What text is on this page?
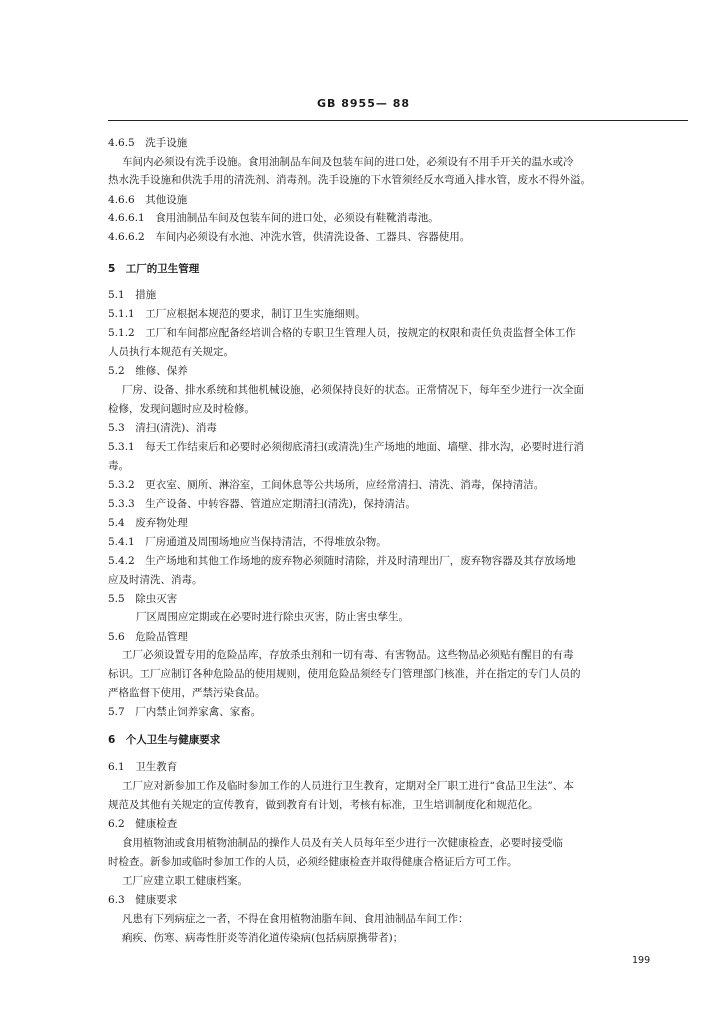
GB 8955— 88
4.6.5　洗手设施
车间内必须设有洗手设施。食用油制品车间及包装车间的进口处，必须设有不用手开关的温水或冷
热水洗手设施和供洗手用的清洗剂、消毒剂。洗手设施的下水管须经反水弯通入排水管，废水不得外溢。
4.6.6　其他设施
4.6.6.1　食用油制品车间及包装车间的进口处，必须设有鞋靴消毒池。
4.6.6.2　车间内必须设有水池、冲洗水管，供清洗设备、工器具、容器使用。
5　工厂的卫生管理
5.1　措施
5.1.1　工厂应根据本规范的要求，制订卫生实施细则。
5.1.2　工厂和车间都应配备经培训合格的专职卫生管理人员，按规定的权限和责任负责监督全体工作
人员执行本规范有关规定。
5.2　维修、保养
厂房、设备、排水系统和其他机械设施，必须保持良好的状态。正常情况下，每年至少进行一次全面
检修，发现问题时应及时检修。
5.3　清扫(清洗)、消毒
5.3.1　每天工作结束后和必要时必须彻底清扫(或清洗)生产场地的地面、墙壁、排水沟，必要时进行消
毒。
5.3.2　更衣室、厕所、淋浴室，工间休息等公共场所，应经常清扫、清洗、消毒，保持清洁。
5.3.3　生产设备、中转容器、管道应定期清扫(清洗)，保持清洁。
5.4　废弃物处理
5.4.1　厂房通道及周围场地应当保持清洁，不得堆放杂物。
5.4.2　生产场地和其他工作场地的废弃物必须随时清除，并及时清理出厂，废弃物容器及其存放场地
应及时清洗、消毒。
5.5　除虫灭害
厂区周围应定期或在必要时进行除虫灭害，防止害虫孳生。
5.6　危险品管理
工厂必须设置专用的危险品库，存放杀虫剂和一切有毒、有害物品。这些物品必须贴有醒目的有毒
标识。工厂应制订各种危险品的使用规则，使用危险品须经专门管理部门核准，并在指定的专门人员的
严格监督下使用，严禁污染食品。
5.7　厂内禁止饲养家禽、家畜。
6　个人卫生与健康要求
6.1　卫生教育
工厂应对新参加工作及临时参加工作的人员进行卫生教育，定期对全厂职工进行“食品卫生法”、本
规范及其他有关规定的宣传教育，做到教育有计划，考核有标准，卫生培训制度化和规范化。
6.2　健康检查
食用植物油或食用植物油制品的操作人员及有关人员每年至少进行一次健康检查，必要时接受临
时检查。新参加或临时参加工作的人员，必须经健康检查并取得健康合格证后方可工作。
工厂应建立职工健康档案。
6.3　健康要求
凡患有下列病症之一者，不得在食用植物油脂车间、食用油制品车间工作：
痢疾、伤寒、病毒性肝炎等消化道传染病(包括病原携带者)；
199
